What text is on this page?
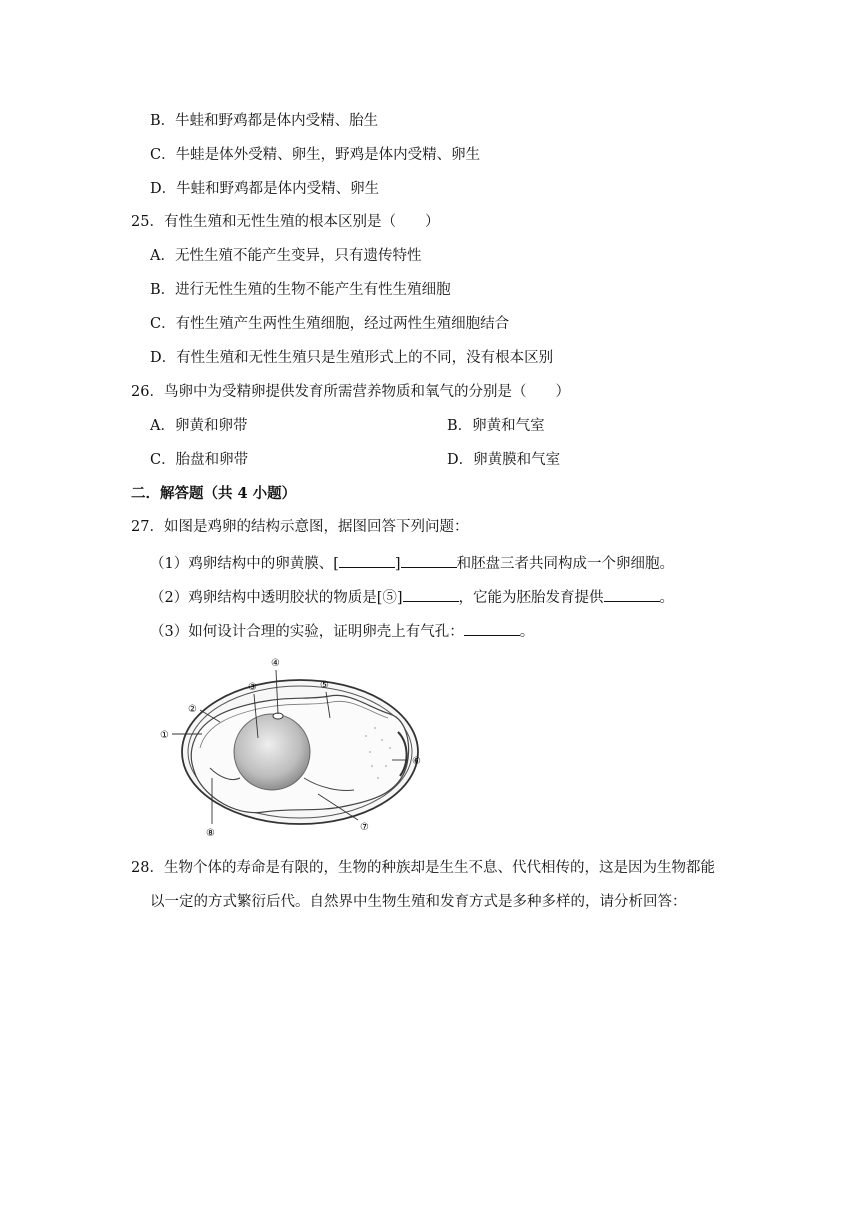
B．牛蛙和野鸡都是体内受精、胎生
C．牛蛙是体外受精、卵生，野鸡是体内受精、卵生
D．牛蛙和野鸡都是体内受精、卵生
25．有性生殖和无性生殖的根本区别是（　　）
A．无性生殖不能产生变异，只有遗传特性
B．进行无性生殖的生物不能产生有性生殖细胞
C．有性生殖产生两性生殖细胞，经过两性生殖细胞结合
D．有性生殖和无性生殖只是生殖形式上的不同，没有根本区别
26．鸟卵中为受精卵提供发育所需营养物质和氧气的分别是（　　）
A．卵黄和卵带	B．卵黄和气室
C．胎盘和卵带	D．卵黄膜和气室
二．解答题（共 4 小题）
27．如图是鸡卵的结构示意图，据图回答下列问题：
（1）鸡卵结构中的卵黄膜、[	]	和胚盘三者共同构成一个卵细胞。
（2）鸡卵结构中透明胶状的物质是[⑤]	，它能为胚胎发育提供	。
（3）如何设计合理的实验，证明卵壳上有气孔：	。
①
②
③
④
⑤
⑥
⑦
⑧
28．生物个体的寿命是有限的，生物的种族却是生生不息、代代相传的，这是因为生物都能
以一定的方式繁衍后代。自然界中生物生殖和发育方式是多种多样的，请分析回答：
